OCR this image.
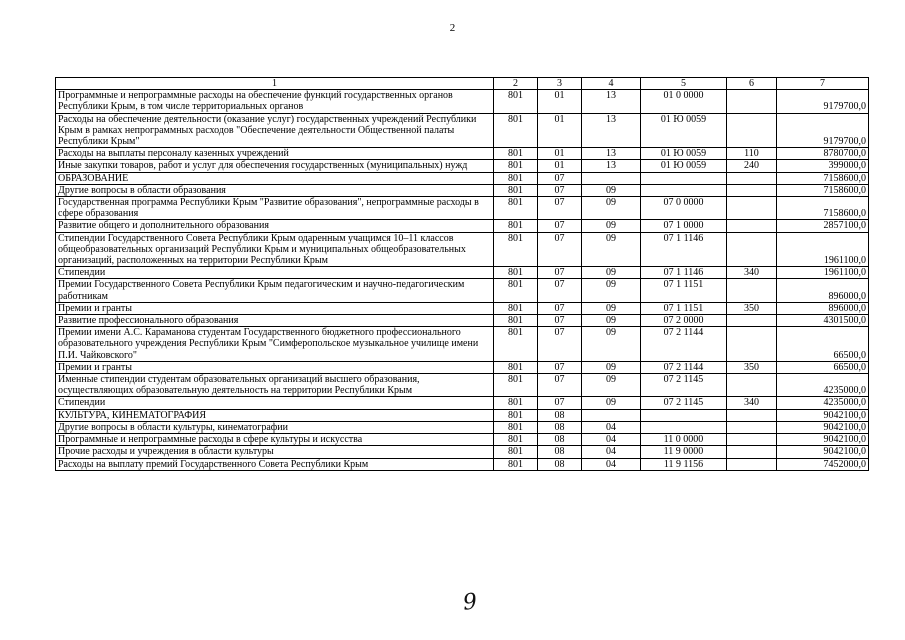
2
1	2	3	4	5	6	7
Программные и непрограммные расходы на обеспечение функций государственных органов Республики Крым, в том числе территориальных органов	801	01	13	01 0 0000		9179700,0
Расходы на обеспечение деятельности (оказание услуг) государственных учреждений Республики Крым в рамках непрограммных расходов "Обеспечение деятельности Общественной палаты Республики Крым"	801	01	13	01 Ю 0059		9179700,0
Расходы на выплаты персоналу казенных учреждений	801	01	13	01 Ю 0059	110	8780700,0
Иные закупки товаров, работ и услуг для обеспечения государственных (муниципальных) нужд	801	01	13	01 Ю 0059	240	399000,0
ОБРАЗОВАНИЕ	801	07				7158600,0
Другие вопросы в области образования	801	07	09			7158600,0
Государственная программа Республики Крым "Развитие образования", непрограммные расходы в сфере образования	801	07	09	07 0 0000		7158600,0
Развитие общего и дополнительного образования	801	07	09	07 1 0000		2857100,0
Стипендии Государственного Совета Республики Крым одаренным учащимся 10–11 классов общеобразовательных организаций Республики Крым и муниципальных общеобразовательных организаций, расположенных на территории Республики Крым	801	07	09	07 1 1146		1961100,0
Стипендии	801	07	09	07 1 1146	340	1961100,0
Премии Государственного Совета Республики Крым педагогическим и научно-педагогическим работникам	801	07	09	07 1 1151		896000,0
Премии и гранты	801	07	09	07 1 1151	350	896000,0
Развитие профессионального образования	801	07	09	07 2 0000		4301500,0
Премии имени А.С. Караманова студентам Государственного бюджетного профессионального образовательного учреждения Республики Крым "Симферопольское музыкальное училище имени П.И. Чайковского"	801	07	09	07 2 1144		66500,0
Премии и гранты	801	07	09	07 2 1144	350	66500,0
Именные стипендии студентам образовательных организаций высшего образования, осуществляющих образовательную деятельность на территории Республики Крым	801	07	09	07 2 1145		4235000,0
Стипендии	801	07	09	07 2 1145	340	4235000,0
КУЛЬТУРА, КИНЕМАТОГРАФИЯ	801	08				9042100,0
Другие вопросы в области культуры, кинематографии	801	08	04			9042100,0
Программные и непрограммные расходы в сфере культуры и искусства	801	08	04	11 0 0000		9042100,0
Прочие расходы и учреждения в области культуры	801	08	04	11 9 0000		9042100,0
Расходы на выплату премий Государственного Совета Республики Крым	801	08	04	11 9 1156		7452000,0
9
